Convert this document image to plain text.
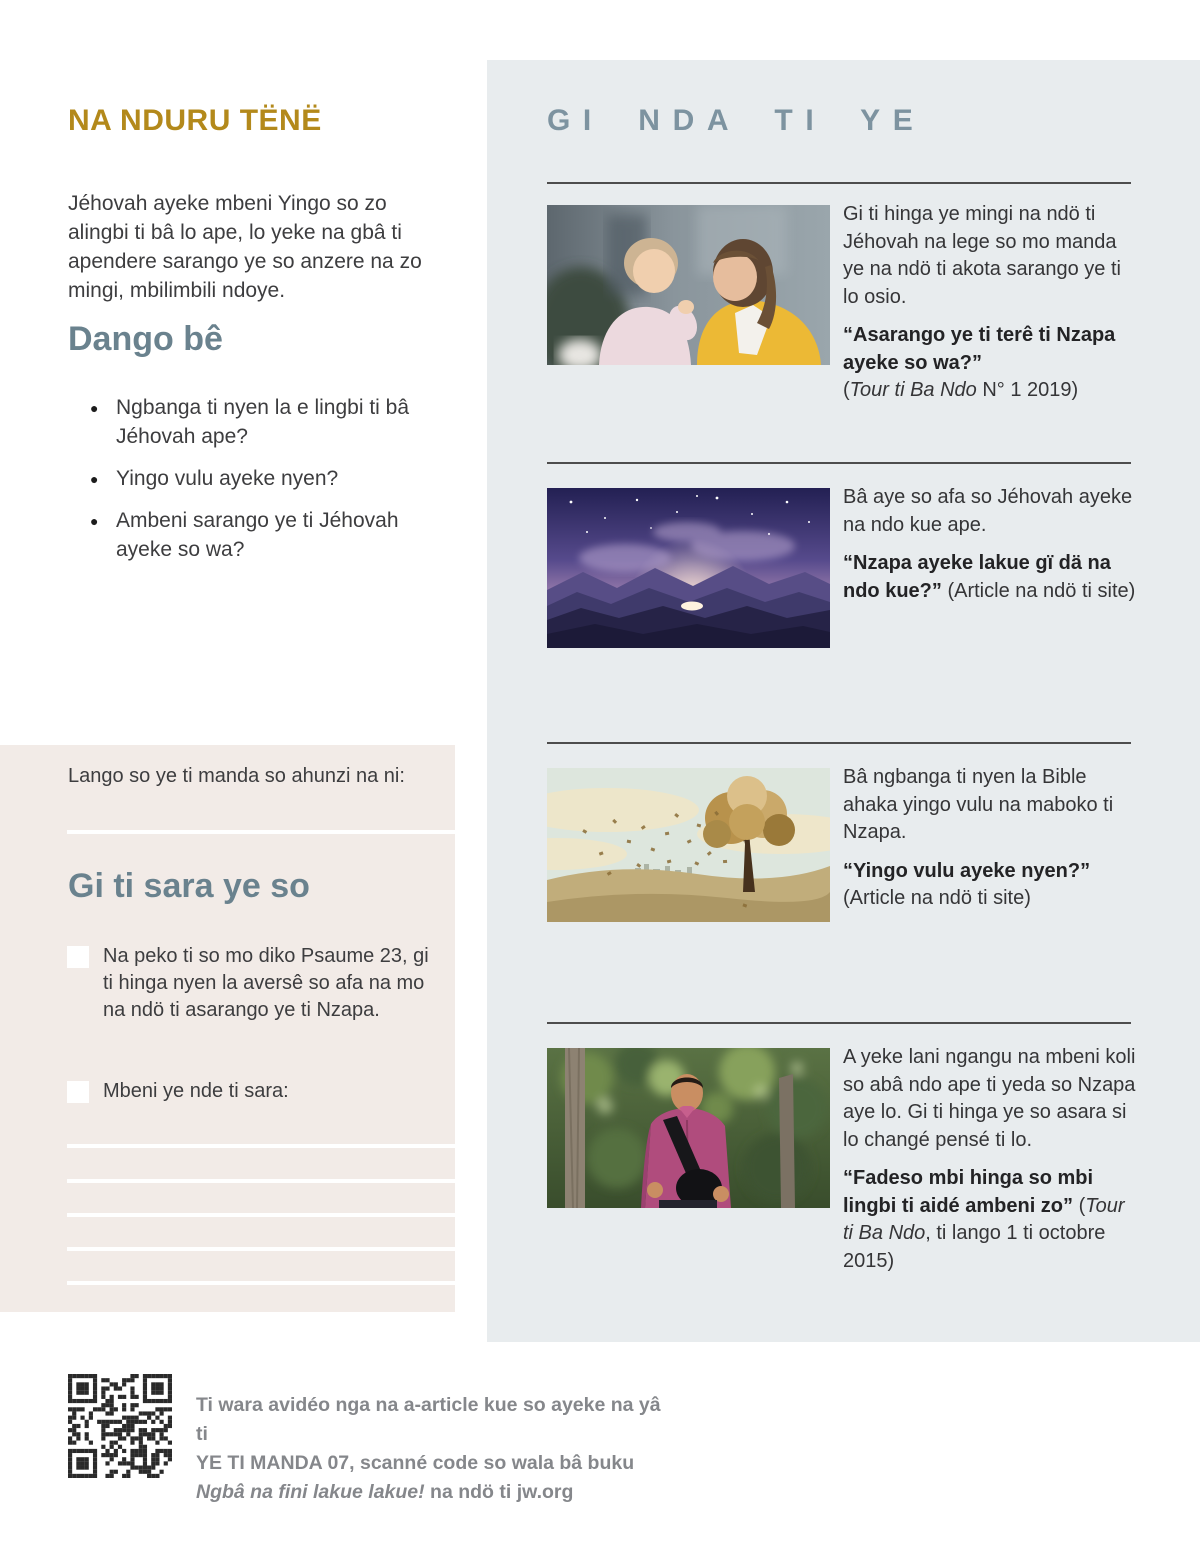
NA NDURU TËNË

Jéhovah ayeke mbeni Yingo so zo alingbi ti bâ lo ape, lo yeke na gbâ ti apendere sarango ye so anzere na zo mingi, mbilimbili ndoye.

Dango bê
● Ngbanga ti nyen la e lingbi ti bâ Jéhovah ape?
● Yingo vulu ayeke nyen?
● Ambeni sarango ye ti Jéhovah ayeke so wa?
Lango so ye ti manda so ahunzi na ni:
Gi ti sara ye so
Na peko ti so mo diko Psaume 23, gi ti hinga nyen la aversê so afa na mo na ndö ti asarango ye ti Nzapa.
Mbeni ye nde ti sara:
GI NDA TI YE

Gi ti hinga ye mingi na ndö ti Jéhovah na lege so mo manda ye na ndö ti akota sarango ye ti lo osio.

“Asarango ye ti terê ti Nzapa ayeke so wa?”
(Tour ti Ba Ndo N° 1 2019)

Bâ aye so afa so Jéhovah ayeke na ndo kue ape.

“Nzapa ayeke lakue gï dä na ndo kue?” (Article na ndö ti site)

Bâ ngbanga ti nyen la Bible ahaka yingo vulu na maboko ti Nzapa.

“Yingo vulu ayeke nyen?” (Article na ndö ti site)

A yeke lani ngangu na mbeni koli so abâ ndo ape ti yeda so Nzapa aye lo. Gi ti hinga ye so asara si lo changé pensé ti lo.

“Fadeso mbi hinga so mbi lingbi ti aidé ambeni zo” (Tour ti Ba Ndo, ti lango 1 ti octobre 2015)

Ti wara avidéo nga na a-article kue so ayeke na yâ ti
YE TI MANDA 07, scanné code so wala bâ buku
Ngbâ na fini lakue lakue! na ndö ti jw.org
